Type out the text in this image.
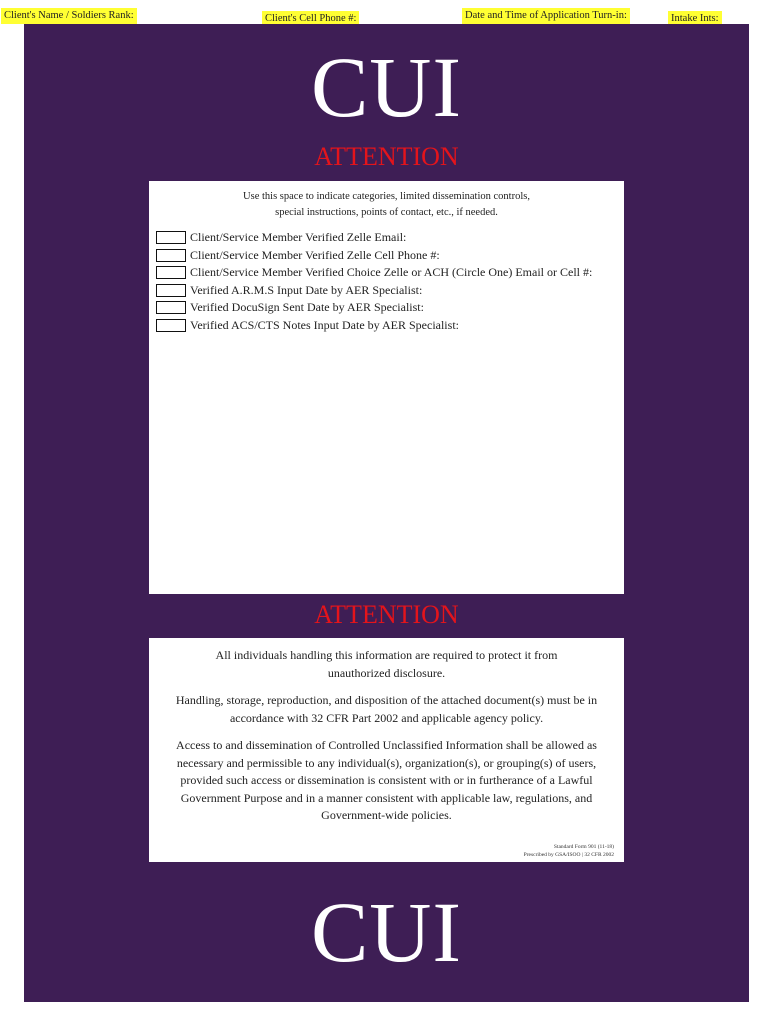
Client's Name / Soldiers Rank:	Client's Cell Phone #:	Date and Time of Application Turn-in:	Intake Ints:
CUI
ATTENTION
Use this space to indicate categories, limited dissemination controls,
special instructions, points of contact, etc., if needed.
Client/Service Member Verified Zelle Email:
Client/Service Member Verified Zelle Cell Phone #:
Client/Service Member Verified Choice Zelle or ACH (Circle One) Email or Cell #:
Verified A.R.M.S Input Date by AER Specialist:
Verified DocuSign Sent Date by AER Specialist:
Verified ACS/CTS Notes Input Date by AER Specialist:
ATTENTION
All individuals handling this information are required to protect it from unauthorized disclosure.
Handling, storage, reproduction, and disposition of the attached document(s) must be in accordance with 32 CFR Part 2002 and applicable agency policy.
Access to and dissemination of Controlled Unclassified Information shall be allowed as necessary and permissible to any individual(s), organization(s), or grouping(s) of users, provided such access or dissemination is consistent with or in furtherance of a Lawful Government Purpose and in a manner consistent with applicable law, regulations, and Government-wide policies.
Standard Form 901 (11-18)
Prescribed by GSA/ISOO | 32 CFR 2002
CUI
